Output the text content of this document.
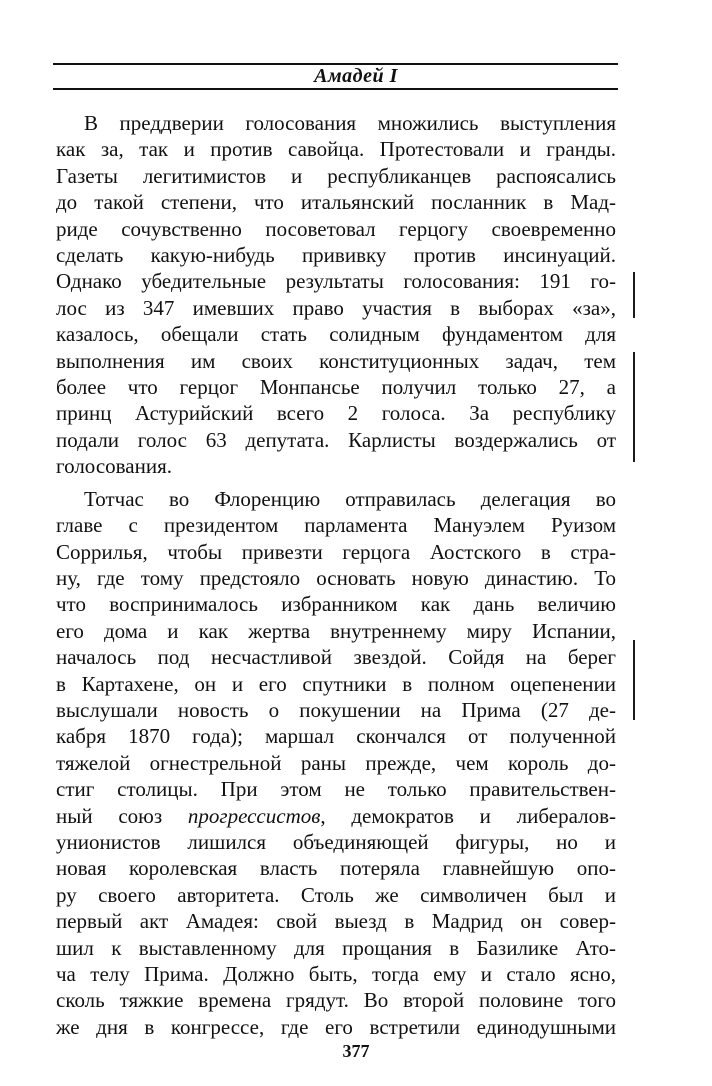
Амадей I

В преддверии голосования множились выступления
как за, так и против савойца. Протестовали и гранды.
Газеты легитимистов и республиканцев распоясались
до такой степени, что итальянский посланник в Мад-
риде сочувственно посоветовал герцогу своевременно
сделать какую-нибудь прививку против инсинуаций.
Однако убедительные результаты голосования: 191 го-
лос из 347 имевших право участия в выборах «за»,
казалось, обещали стать солидным фундаментом для
выполнения им своих конституционных задач, тем
более что герцог Монпансье получил только 27, а
принц Астурийский всего 2 голоса. За республику
подали голос 63 депутата. Карлисты воздержались от
голосования.

Тотчас во Флоренцию отправилась делегация во
главе с президентом парламента Мануэлем Руизом
Соррилья, чтобы привезти герцога Аостского в стра-
ну, где тому предстояло основать новую династию. То
что воспринималось избранником как дань величию
его дома и как жертва внутреннему миру Испании,
началось под несчастливой звездой. Сойдя на берег
в Картахене, он и его спутники в полном оцепенении
выслушали новость о покушении на Прима (27 де-
кабря 1870 года); маршал скончался от полученной
тяжелой огнестрельной раны прежде, чем король до-
стиг столицы. При этом не только правительствен-
ный союз прогрессистов, демократов и либералов-
унионистов лишился объединяющей фигуры, но и
новая королевская власть потеряла главнейшую опо-
ру своего авторитета. Столь же символичен был и
первый акт Амадея: свой выезд в Мадрид он совер-
шил к выставленному для прощания в Базилике Ато-
ча телу Прима. Должно быть, тогда ему и стало ясно,
сколь тяжкие времена грядут. Во второй половине того
же дня в конгрессе, где его встретили единодушными

377
